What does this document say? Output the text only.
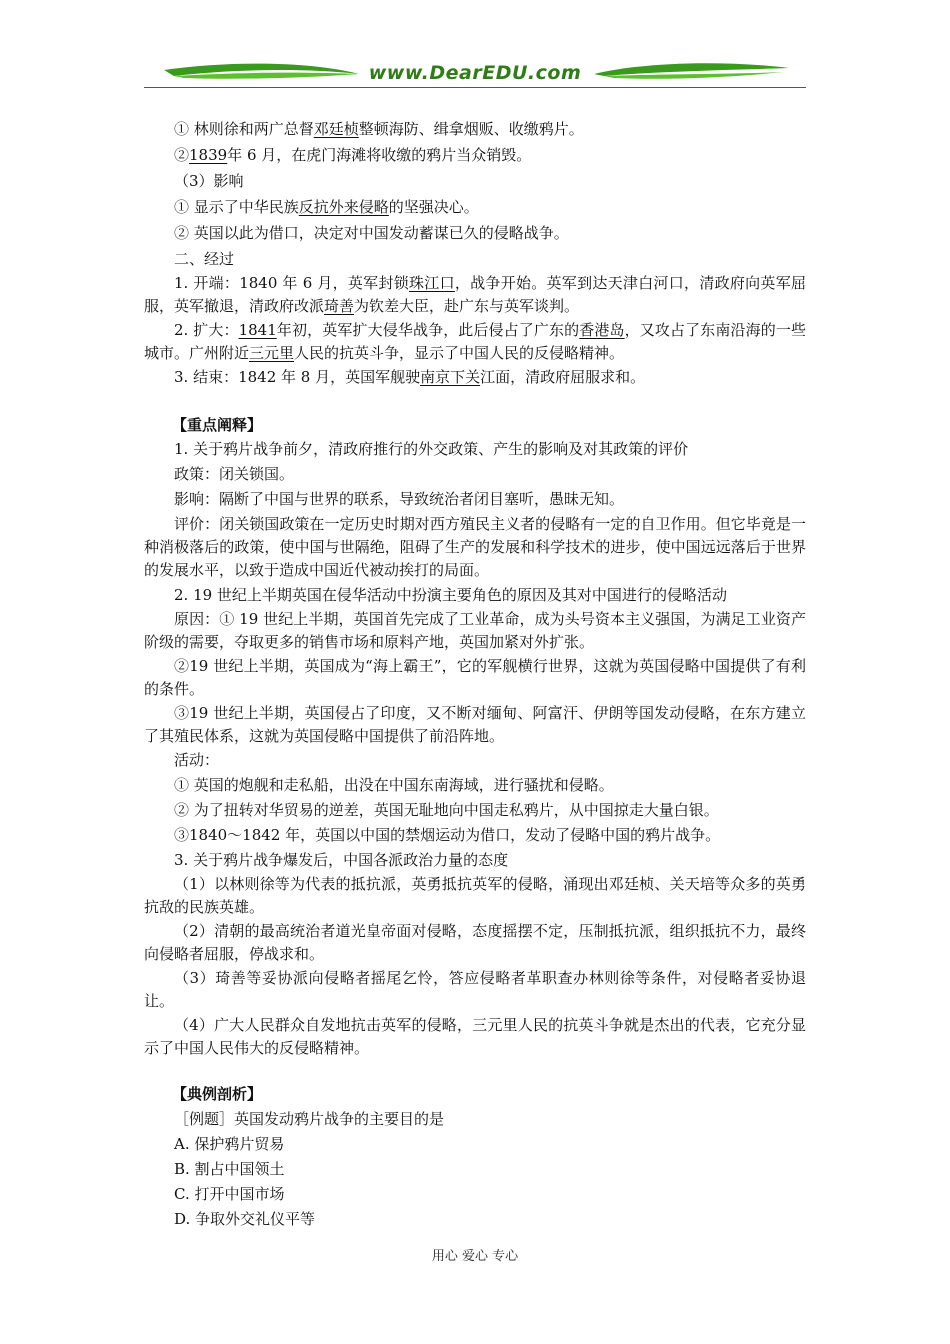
www.DearEDU.com
① 林则徐和两广总督邓廷桢整顿海防、缉拿烟贩、收缴鸦片。
②1839年 6 月，在虎门海滩将收缴的鸦片当众销毁。
（3）影响
① 显示了中华民族反抗外来侵略的坚强决心。
② 英国以此为借口，决定对中国发动蓄谋已久的侵略战争。
二、经过
1. 开端：1840 年 6 月，英军封锁珠江口，战争开始。英军到达天津白河口，清政府向英军屈服，英军撤退，清政府改派琦善为钦差大臣，赴广东与英军谈判。
2. 扩大：1841年初，英军扩大侵华战争，此后侵占了广东的香港岛，又攻占了东南沿海的一些城市。广州附近三元里人民的抗英斗争，显示了中国人民的反侵略精神。
3. 结束：1842 年 8 月，英国军舰驶南京下关江面，清政府屈服求和。
【重点阐释】
1. 关于鸦片战争前夕，清政府推行的外交政策、产生的影响及对其政策的评价
政策：闭关锁国。
影响：隔断了中国与世界的联系，导致统治者闭目塞听，愚昧无知。
评价：闭关锁国政策在一定历史时期对西方殖民主义者的侵略有一定的自卫作用。但它毕竟是一种消极落后的政策，使中国与世隔绝，阻碍了生产的发展和科学技术的进步，使中国远远落后于世界的发展水平，以致于造成中国近代被动挨打的局面。
2. 19 世纪上半期英国在侵华活动中扮演主要角色的原因及其对中国进行的侵略活动
原因：① 19 世纪上半期，英国首先完成了工业革命，成为头号资本主义强国，为满足工业资产阶级的需要，夺取更多的销售市场和原料产地，英国加紧对外扩张。
②19 世纪上半期，英国成为“海上霸王”，它的军舰横行世界，这就为英国侵略中国提供了有利的条件。
③19 世纪上半期，英国侵占了印度，又不断对缅甸、阿富汗、伊朗等国发动侵略，在东方建立了其殖民体系，这就为英国侵略中国提供了前沿阵地。
活动：
① 英国的炮舰和走私船，出没在中国东南海域，进行骚扰和侵略。
② 为了扭转对华贸易的逆差，英国无耻地向中国走私鸦片，从中国掠走大量白银。
③1840～1842 年，英国以中国的禁烟运动为借口，发动了侵略中国的鸦片战争。
3. 关于鸦片战争爆发后，中国各派政治力量的态度
（1）以林则徐等为代表的抵抗派，英勇抵抗英军的侵略，涌现出邓廷桢、关天培等众多的英勇抗敌的民族英雄。
（2）清朝的最高统治者道光皇帝面对侵略，态度摇摆不定，压制抵抗派，组织抵抗不力，最终向侵略者屈服，停战求和。
（3）琦善等妥协派向侵略者摇尾乞怜，答应侵略者革职查办林则徐等条件，对侵略者妥协退让。
（4）广大人民群众自发地抗击英军的侵略，三元里人民的抗英斗争就是杰出的代表，它充分显示了中国人民伟大的反侵略精神。
【典例剖析】
［例题］英国发动鸦片战争的主要目的是
A. 保护鸦片贸易
B. 割占中国领土
C. 打开中国市场
D. 争取外交礼仪平等
用心 爱心 专心
